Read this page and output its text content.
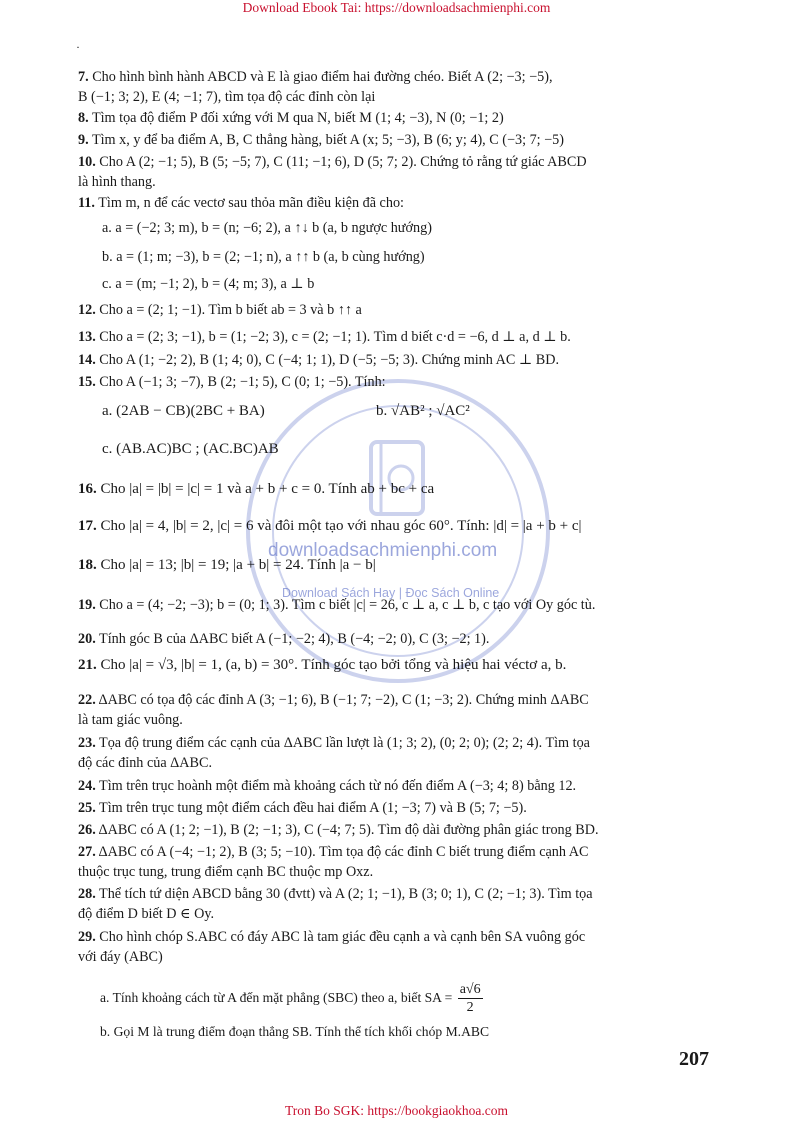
Download Ebook Tai: https://downloadsachmienphi.com
·
downloadsachmienphi.com
Download Sách Hay | Đọc Sách Online
7. Cho hình bình hành ABCD và E là giao điểm hai đường chéo. Biết A (2; −3; −5),
B (−1; 3; 2), E (4; −1; 7), tìm tọa độ các đỉnh còn lại
8. Tìm tọa độ điểm P đối xứng với M qua N, biết M (1; 4; −3), N (0; −1; 2)
9. Tìm x, y để ba điểm A, B, C thẳng hàng, biết A (x; 5; −3), B (6; y; 4), C (−3; 7; −5)
10. Cho A (2; −1; 5), B (5; −5; 7), C (11; −1; 6), D (5; 7; 2). Chứng tỏ rằng tứ giác ABCD
là hình thang.
11. Tìm m, n để các vectơ sau thỏa mãn điều kiện đã cho:
a. a = (−2; 3; m), b = (n; −6; 2), a ↑↓ b (a, b ngược hướng)
b. a = (1; m; −3), b = (2; −1; n), a ↑↑ b (a, b cùng hướng)
c. a = (m; −1; 2), b = (4; m; 3), a ⊥ b
12. Cho a = (2; 1; −1). Tìm b biết ab = 3 và b ↑↑ a
13. Cho a = (2; 3; −1), b = (1; −2; 3), c = (2; −1; 1). Tìm d biết c·d = −6, d ⊥ a, d ⊥ b.
14. Cho A (1; −2; 2), B (1; 4; 0), C (−4; 1; 1), D (−5; −5; 3). Chứng minh AC ⊥ BD.
15. Cho A (−1; 3; −7), B (2; −1; 5), C (0; 1; −5). Tính:
a. (2AB − CB)(2BC + BA)	b. √AB² ; √AC²
c. (AB.AC)BC ; (AC.BC)AB
16. Cho |a| = |b| = |c| = 1 và a + b + c = 0. Tính ab + bc + ca
17. Cho |a| = 4, |b| = 2, |c| = 6 và đôi một tạo với nhau góc 60°. Tính: |d| = |a + b + c|
18. Cho |a| = 13; |b| = 19; |a + b| = 24. Tính |a − b|
19. Cho a = (4; −2; −3); b = (0; 1; 3). Tìm c biết |c| = 26, c ⊥ a, c ⊥ b, c tạo với Oy góc tù.
20. Tính góc B của ΔABC biết A (−1; −2; 4), B (−4; −2; 0), C (3; −2; 1).
21. Cho |a| = √3, |b| = 1, (a, b) = 30°. Tính góc tạo bởi tổng và hiệu hai véctơ a, b.
22. ΔABC có tọa độ các đỉnh A (3; −1; 6), B (−1; 7; −2), C (1; −3; 2). Chứng minh ΔABC
là tam giác vuông.
23. Tọa độ trung điểm các cạnh của ΔABC lần lượt là (1; 3; 2), (0; 2; 0); (2; 2; 4). Tìm tọa
độ các đỉnh của ΔABC.
24. Tìm trên trục hoành một điểm mà khoảng cách từ nó đến điểm A (−3; 4; 8) bằng 12.
25. Tìm trên trục tung một điểm cách đều hai điểm A (1; −3; 7) và B (5; 7; −5).
26. ΔABC có A (1; 2; −1), B (2; −1; 3), C (−4; 7; 5). Tìm độ dài đường phân giác trong BD.
27. ΔABC có A (−4; −1; 2), B (3; 5; −10). Tìm tọa độ các đỉnh C biết trung điểm cạnh AC
thuộc trục tung, trung điểm cạnh BC thuộc mp Oxz.
28. Thể tích tứ diện ABCD bằng 30 (đvtt) và A (2; 1; −1), B (3; 0; 1), C (2; −1; 3). Tìm tọa
độ điểm D biết D ∈ Oy.
29. Cho hình chóp S.ABC có đáy ABC là tam giác đều cạnh a và cạnh bên SA vuông góc
với đáy (ABC)
a. Tính khoảng cách từ A đến mặt phẳng (SBC) theo a, biết SA = $\frac{a√6}{2}$
b. Gọi M là trung điểm đoạn thẳng SB. Tính thể tích khối chóp M.ABC
207
Tron Bo SGK: https://bookgiaokhoa.com
